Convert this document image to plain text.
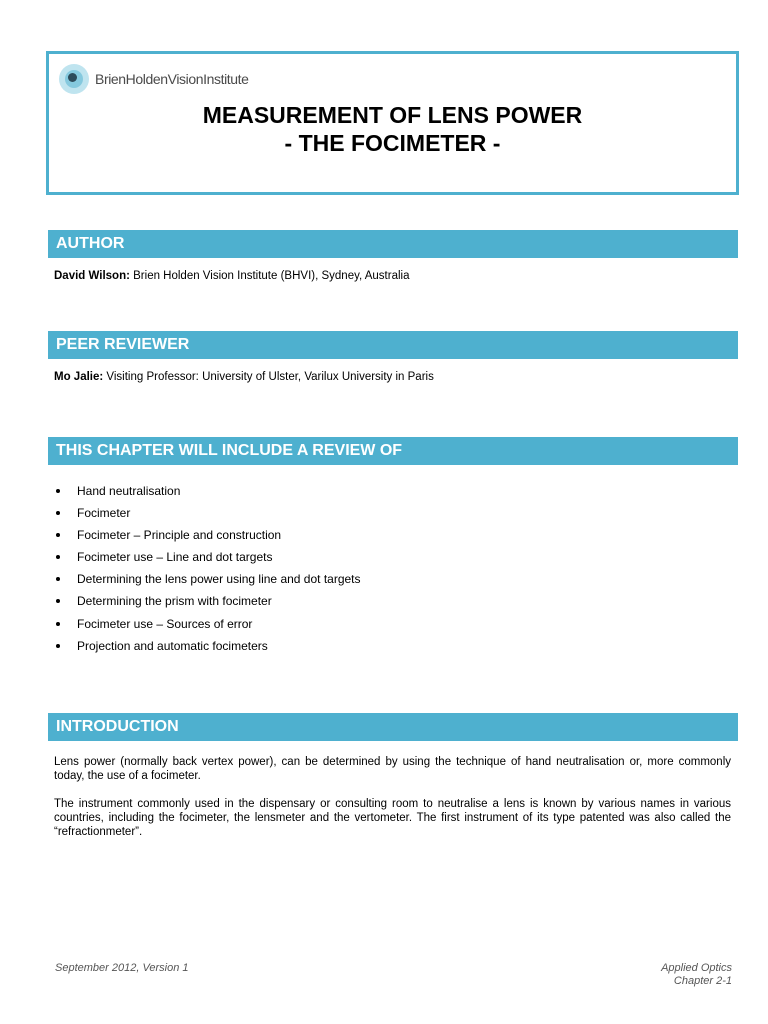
BrienHoldenVisionInstitute
MEASUREMENT OF LENS POWER
- THE FOCIMETER -
AUTHOR
David Wilson: Brien Holden Vision Institute (BHVI), Sydney, Australia
PEER REVIEWER
Mo Jalie: Visiting Professor: University of Ulster, Varilux University in Paris
THIS CHAPTER WILL INCLUDE A REVIEW OF
Hand neutralisation
Focimeter
Focimeter – Principle and construction
Focimeter use – Line and dot targets
Determining the lens power using line and dot targets
Determining the prism with focimeter
Focimeter use – Sources of error
Projection and automatic focimeters
INTRODUCTION
Lens power (normally back vertex power), can be determined by using the technique of hand neutralisation or, more commonly today, the use of a focimeter.
The instrument commonly used in the dispensary or consulting room to neutralise a lens is known by various names in various countries, including the focimeter, the lensmeter and the vertometer. The first instrument of its type patented was also called the “refractionmeter”.
September 2012, Version 1	Applied Optics
Chapter 2-1
